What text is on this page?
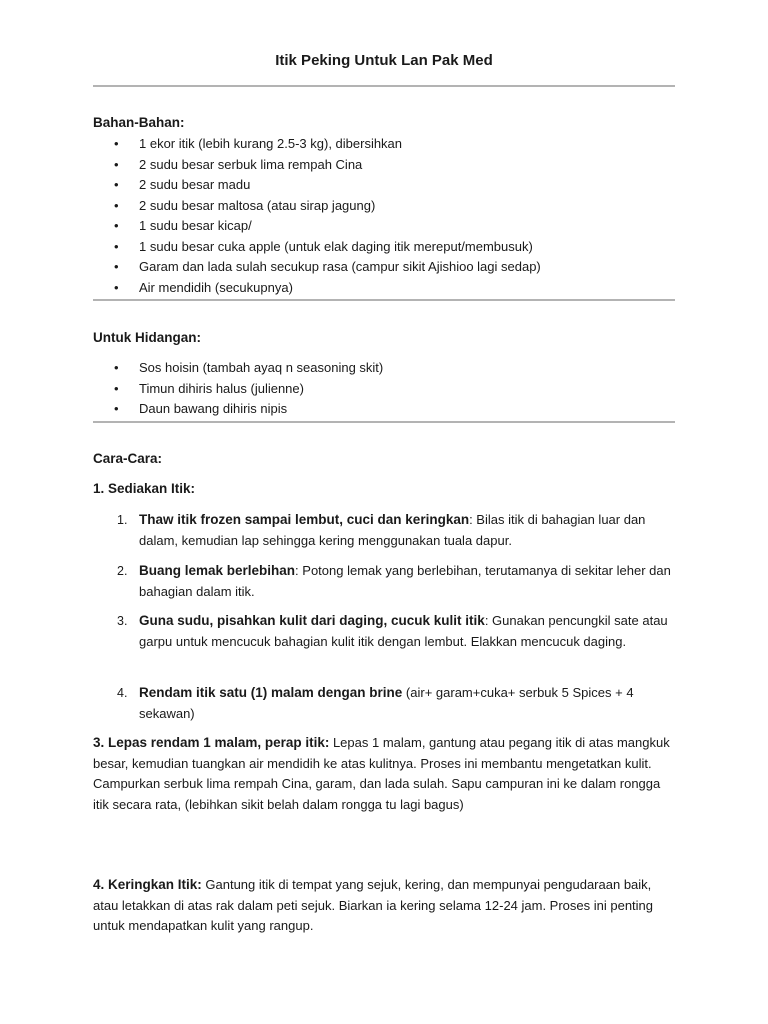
Itik Peking Untuk Lan Pak Med
Bahan-Bahan:
• 1 ekor itik (lebih kurang 2.5-3 kg), dibersihkan
• 2 sudu besar serbuk lima rempah Cina
• 2 sudu besar madu
• 2 sudu besar maltosa (atau sirap jagung)
• 1 sudu besar kicap/
• 1 sudu besar cuka apple (untuk elak daging itik mereput/membusuk)
• Garam dan lada sulah secukup rasa (campur sikit Ajishioo lagi sedap)
• Air mendidih (secukupnya)
Untuk Hidangan:
• Sos hoisin (tambah ayaq n seasoning skit)
• Timun dihiris halus (julienne)
• Daun bawang dihiris nipis
Cara-Cara:
1. Sediakan Itik:
1. Thaw itik frozen sampai lembut, cuci dan keringkan: Bilas itik di bahagian luar dan dalam, kemudian lap sehingga kering menggunakan tuala dapur.
2. Buang lemak berlebihan: Potong lemak yang berlebihan, terutamanya di sekitar leher dan bahagian dalam itik.
3. Guna sudu, pisahkan kulit dari daging, cucuk kulit itik: Gunakan pencungkil sate atau garpu untuk mencucuk bahagian kulit itik dengan lembut. Elakkan mencucuk daging.
4. Rendam itik satu (1) malam dengan brine (air+ garam+cuka+ serbuk 5 Spices + 4 sekawan)
3. Lepas rendam 1 malam, perap itik: Lepas 1 malam, gantung atau pegang itik di atas mangkuk besar, kemudian tuangkan air mendidih ke atas kulitnya. Proses ini membantu mengetatkan kulit. Campurkan serbuk lima rempah Cina, garam, dan lada sulah. Sapu campuran ini ke dalam rongga itik secara rata, (lebihkan sikit belah dalam rongga tu lagi bagus)
4. Keringkan Itik: Gantung itik di tempat yang sejuk, kering, dan mempunyai pengudaraan baik, atau letakkan di atas rak dalam peti sejuk. Biarkan ia kering selama 12-24 jam. Proses ini penting untuk mendapatkan kulit yang rangup.
